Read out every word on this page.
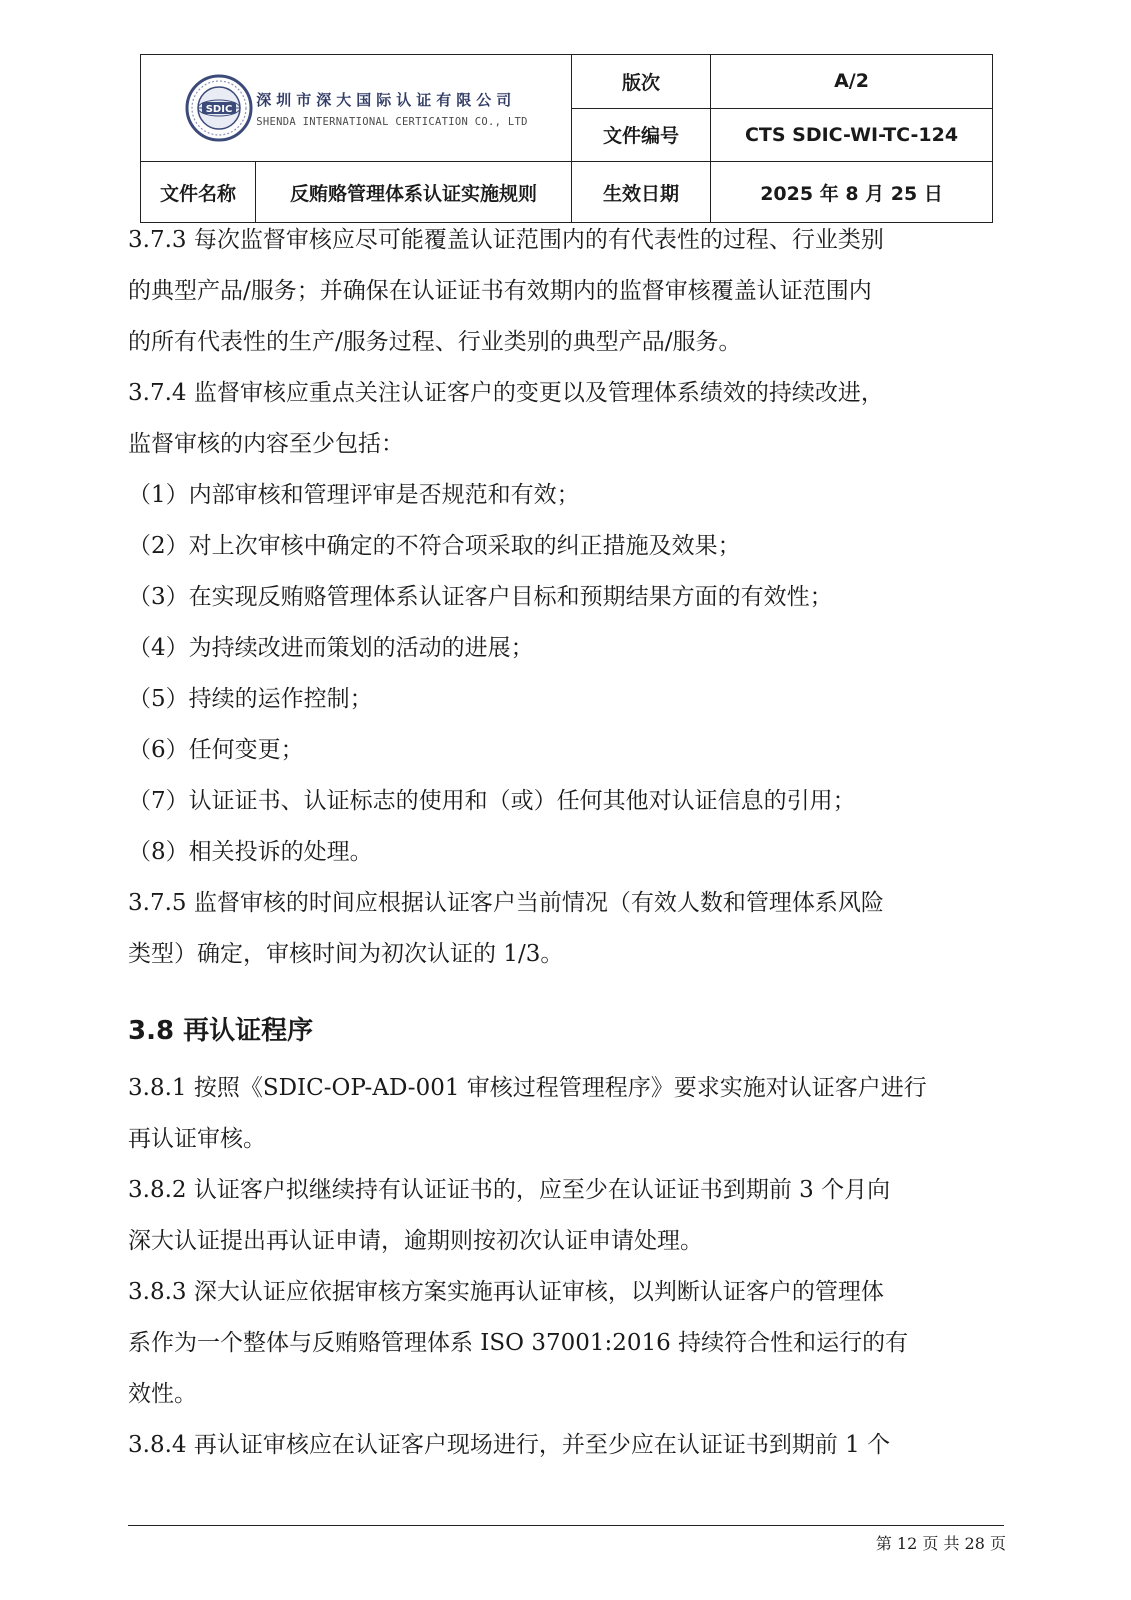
SDIC
深圳市深大国际认证有限公司
SHENDA INTERNATIONAL CERTICATION CO., LTD		版次	A/2
		文件编号	CTS SDIC-WI-TC-124
文件名称	反贿赂管理体系认证实施规则	生效日期	2025 年 8 月 25 日
3.7.3 每次监督审核应尽可能覆盖认证范围内的有代表性的过程、行业类别
的典型产品/服务；并确保在认证证书有效期内的监督审核覆盖认证范围内
的所有代表性的生产/服务过程、行业类别的典型产品/服务。
3.7.4 监督审核应重点关注认证客户的变更以及管理体系绩效的持续改进，
监督审核的内容至少包括：
（1）内部审核和管理评审是否规范和有效；
（2）对上次审核中确定的不符合项采取的纠正措施及效果；
（3）在实现反贿赂管理体系认证客户目标和预期结果方面的有效性；
（4）为持续改进而策划的活动的进展；
（5）持续的运作控制；
（6）任何变更；
（7）认证证书、认证标志的使用和（或）任何其他对认证信息的引用；
（8）相关投诉的处理。
3.7.5 监督审核的时间应根据认证客户当前情况（有效人数和管理体系风险
类型）确定，审核时间为初次认证的 1/3。
3.8 再认证程序
3.8.1 按照《SDIC-OP-AD-001 审核过程管理程序》要求实施对认证客户进行
再认证审核。
3.8.2 认证客户拟继续持有认证证书的，应至少在认证证书到期前 3 个月向
深大认证提出再认证申请，逾期则按初次认证申请处理。
3.8.3 深大认证应依据审核方案实施再认证审核，以判断认证客户的管理体
系作为一个整体与反贿赂管理体系 ISO 37001:2016 持续符合性和运行的有
效性。
3.8.4 再认证审核应在认证客户现场进行，并至少应在认证证书到期前 1 个
第 12 页 共 28 页
